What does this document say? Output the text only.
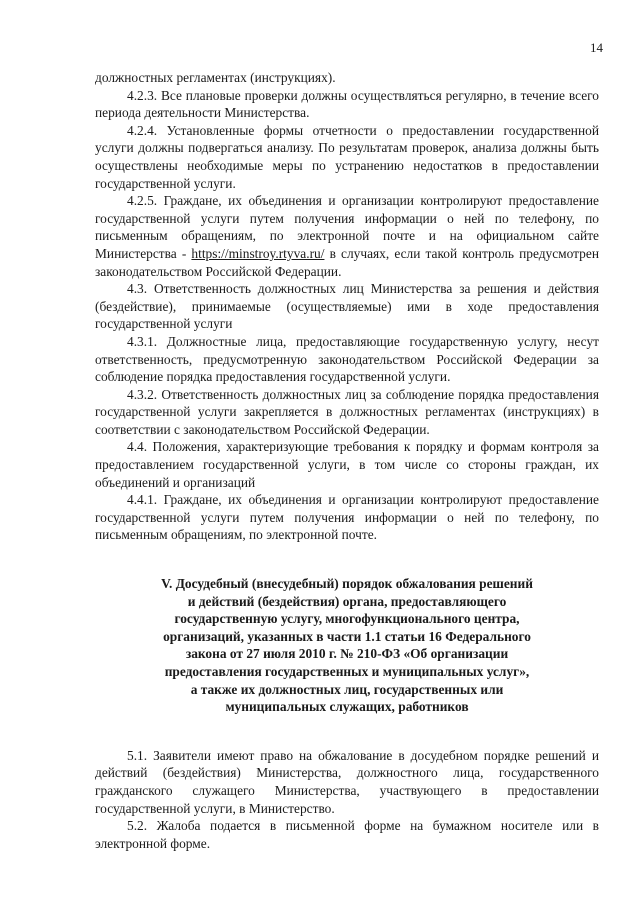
14

должностных регламентах (инструкциях).

4.2.3. Все плановые проверки должны осуществляться регулярно, в течение всего периода деятельности Министерства.

4.2.4. Установленные формы отчетности о предоставлении государственной услуги должны подвергаться анализу. По результатам проверок, анализа должны быть осуществлены необходимые меры по устранению недостатков в предоставлении государственной услуги.

4.2.5. Граждане, их объединения и организации контролируют предоставление государственной услуги путем получения информации о ней по телефону, по письменным обращениям, по электронной почте и на официальном сайте Министерства - https://minstroy.rtyva.ru/ в случаях, если такой контроль предусмотрен законодательством Российской Федерации.

4.3. Ответственность должностных лиц Министерства за решения и действия (бездействие), принимаемые (осуществляемые) ими в ходе предоставления государственной услуги

4.3.1. Должностные лица, предоставляющие государственную услугу, несут ответственность, предусмотренную законодательством Российской Федерации за соблюдение порядка предоставления государственной услуги.

4.3.2. Ответственность должностных лиц за соблюдение порядка предоставления государственной услуги закрепляется в должностных регламентах (инструкциях) в соответствии с законодательством Российской Федерации.

4.4. Положения, характеризующие требования к порядку и формам контроля за предоставлением государственной услуги, в том числе со стороны граждан, их объединений и организаций

4.4.1. Граждане, их объединения и организации контролируют предоставление государственной услуги путем получения информации о ней по телефону, по письменным обращениям, по электронной почте.

V. Досудебный (внесудебный) порядок обжалования решений
и действий (бездействия) органа, предоставляющего
государственную услугу, многофункционального центра,
организаций, указанных в части 1.1 статьи 16 Федерального
закона от 27 июля 2010 г. № 210-ФЗ «Об организации
предоставления государственных и муниципальных услуг»,
а также их должностных лиц, государственных или
муниципальных служащих, работников

5.1. Заявители имеют право на обжалование в досудебном порядке решений и действий (бездействия) Министерства, должностного лица, государственного гражданского служащего Министерства, участвующего в предоставлении государственной услуги, в Министерство.

5.2. Жалоба подается в письменной форме на бумажном носителе или в электронной форме.
